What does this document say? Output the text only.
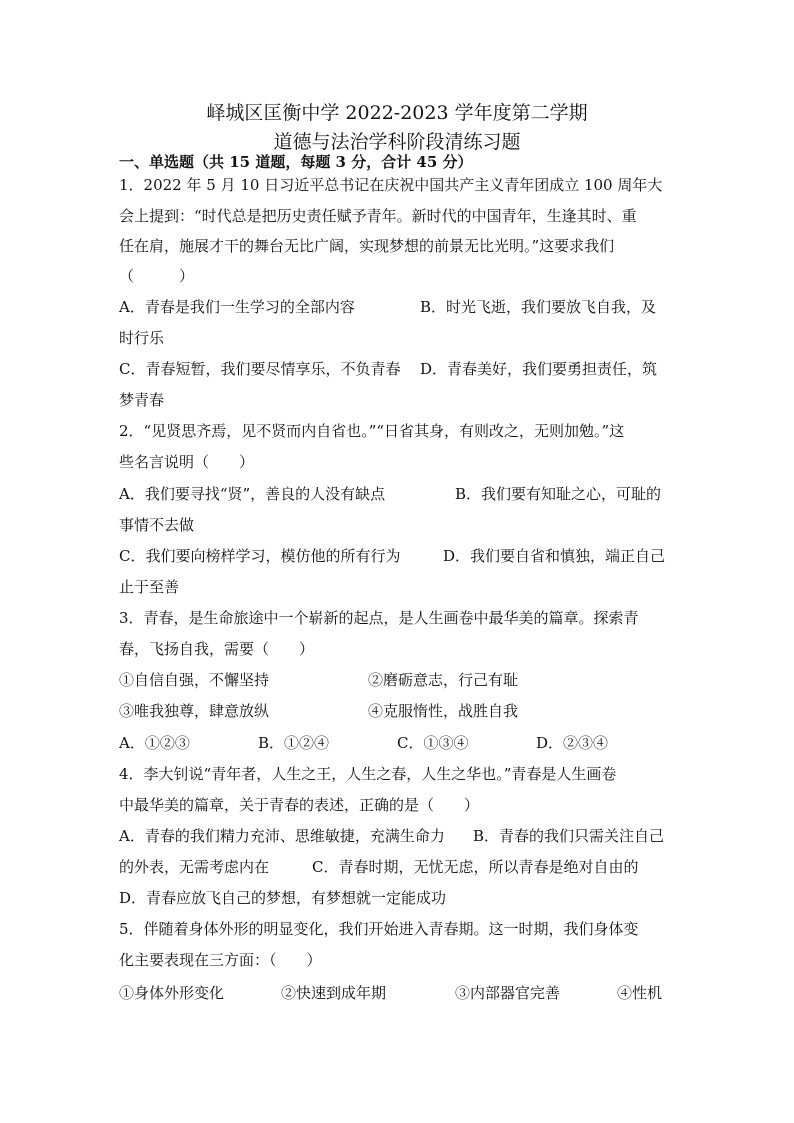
峄城区匡衡中学 2022-2023 学年度第二学期
道德与法治学科阶段清练习题
一、单选题（共 15 道题，每题 3 分，合计 45 分）
1．2022 年 5 月 10 日习近平总书记在庆祝中国共产主义青年团成立 100 周年大
会上提到：“时代总是把历史责任赋予青年。新时代的中国青年，生逢其时、重
任在肩，施展才干的舞台无比广阔，实现梦想的前景无比光明。”这要求我们
（　　　）
A．青春是我们一生学习的全部内容	B．时光飞逝，我们要放飞自我，及
时行乐
C．青春短暂，我们要尽情享乐，不负青春 D．青春美好，我们要勇担责任，筑
梦青春
2．“见贤思齐焉，见不贤而内自省也。”“日省其身，有则改之，无则加勉。”这
些名言说明（　　）
A．我们要寻找“贤”，善良的人没有缺点	B．我们要有知耻之心，可耻的
事情不去做
C．我们要向榜样学习，模仿他的所有行为	D．我们要自省和慎独，端正自己
止于至善
3．青春，是生命旅途中一个崭新的起点，是人生画卷中最华美的篇章。探索青
春，飞扬自我，需要（　　）
①自信自强，不懈坚持	②磨砺意志，行己有耻
③唯我独尊，肆意放纵	④克服惰性，战胜自我
A．①②③	B．①②④	C．①③④	D．②③④
4．李大钊说“青年者，人生之王，人生之春，人生之华也。”青春是人生画卷
中最华美的篇章，关于青春的表述，正确的是（　　）
A．青春的我们精力充沛、思维敏捷，充满生命力 B．青春的我们只需关注自己
的外表，无需考虑内在	C．青春时期，无忧无虑，所以青春是绝对自由的
D．青春应放飞自己的梦想，有梦想就一定能成功
5．伴随着身体外形的明显变化，我们开始进入青春期。这一时期，我们身体变
化主要表现在三方面：（　　）
①身体外形变化	②快速到成年期	③内部器官完善	④性机
